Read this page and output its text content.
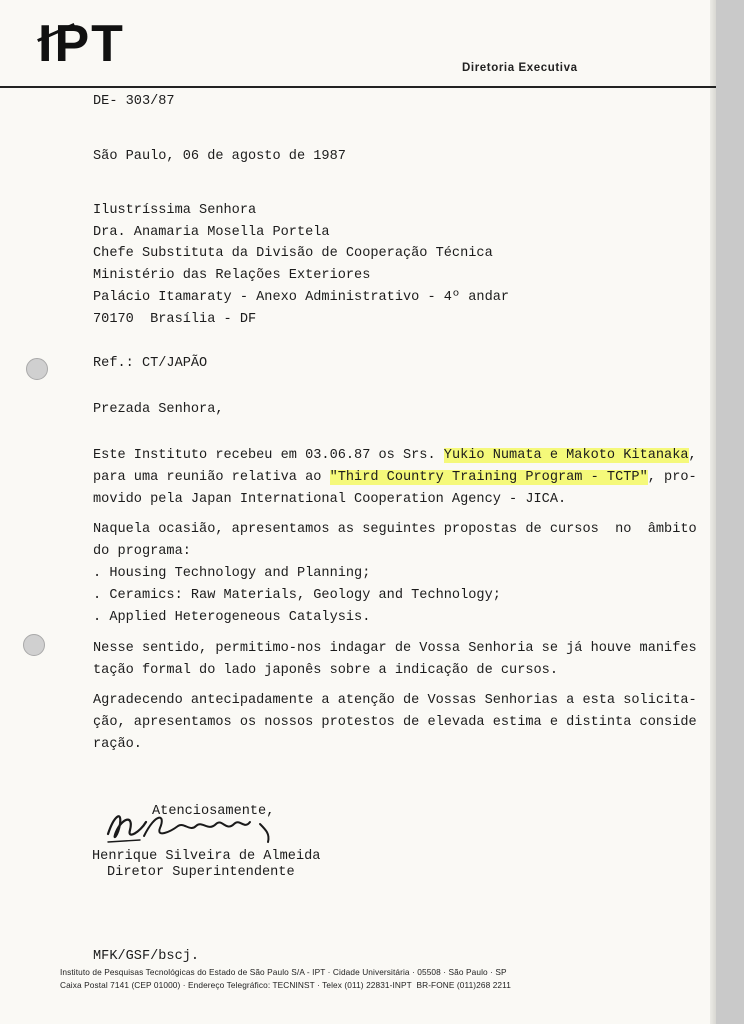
IPT	Diretoria Executiva
DE- 303/87
São Paulo, 06 de agosto de 1987
Ilustríssima Senhora
Dra. Anamaria Mosella Portela
Chefe Substituta da Divisão de Cooperação Técnica
Ministério das Relações Exteriores
Palácio Itamaraty - Anexo Administrativo - 4º andar
70170  Brasília - DF
Ref.: CT/JAPÃO
Prezada Senhora,
Este Instituto recebeu em 03.06.87 os Srs. Yukio Numata e Makoto Kitanaka,
para uma reunião relativa ao "Third Country Training Program - TCTP", pro-
movido pela Japan International Cooperation Agency - JICA.
Naquela ocasião, apresentamos as seguintes propostas de cursos  no  âmbito
do programa:
. Housing Technology and Planning;
. Ceramics: Raw Materials, Geology and Technology;
. Applied Heterogeneous Catalysis.
Nesse sentido, permitimo-nos indagar de Vossa Senhoria se já houve manifes
tação formal do lado japonês sobre a indicação de cursos.
Agradecendo antecipadamente a atenção de Vossas Senhorias a esta solicita-
ção, apresentamos os nossos protestos de elevada estima e distinta conside
ração.
Atenciosamente,
Henrique Silveira de Almeida
Diretor Superintendente
MFK/GSF/bscj.
Instituto de Pesquisas Tecnológicas do Estado de São Paulo S/A - IPT · Cidade Universitária · 05508 · São Paulo · SP
Caixa Postal 7141 (CEP 01000) · Endereço Telegráfico: TECNINST · Telex (011) 22831-INPT  BR-FONE (011)268 2211
